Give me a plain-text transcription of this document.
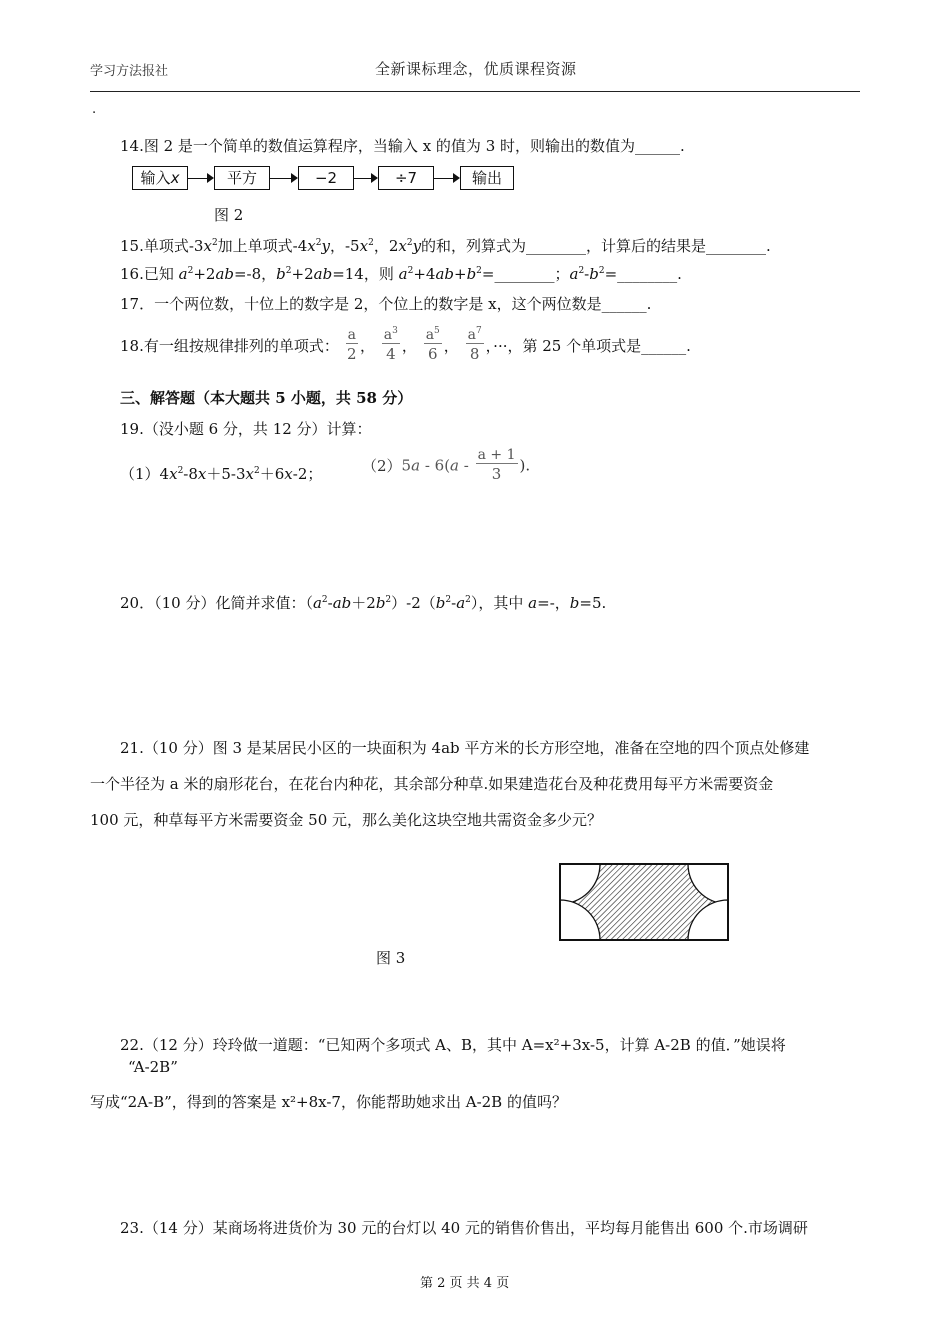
学习方法报社	全新课标理念，优质课程资源
.
14.图 2 是一个简单的数值运算程序，当输入 x 的值为 3 时，则输出的数值为______.
输入x	平方	−2	÷7	输出
图 2
15.单项式$-3x^2$加上单项式$-4x^2y$，$-5x^2$，$2x^2y$的和，列算式为________，计算后的结果是________.
16.已知 $a^2+2ab=-8$，$b^2+2ab=14$，则 $a^2+4ab+b^2=\_\_\_\_\_\_\_\_$；$a^2-b^2=\_\_\_\_\_\_\_\_$.
17．一个两位数，十位上的数字是 2，个位上的数字是 x，这个两位数是______.
18.有一组按规律排列的单项式： $\frac{a}{2}$ ， $\frac{a^3}{4}$ ， $\frac{a^5}{6}$ ， $\frac{a^7}{8}$ ，···，第 25 个单项式是______.
三、解答题（本大题共 5 小题，共 58 分）
19.（没小题 6 分，共 12 分）计算：
$(1)4x^2-8x+5-3x^2+6x-2$；	$(2)5a - 6(a - \frac{a + 1}{3}$ ).
20．（10 分）化简并求值：$(a^2-ab+2b^2)-2(b^2-a^2)$，其中 a=-，b=5.
21.（10 分）图 3 是某居民小区的一块面积为 4ab 平方米的长方形空地，准备在空地的四个顶点处修建
一个半径为 a 米的扇形花台，在花台内种花，其余部分种草.如果建造花台及种花费用每平方米需要资金
100 元，种草每平方米需要资金 50 元，那么美化这块空地共需资金多少元？
图 3
22.（12 分）玲玲做一道题：“已知两个多项式 A、B，其中 A=x²+3x-5，计算 A-2B 的值．”她误将
“A-2B”
写成“2A-B”，得到的答案是 x²+8x-7，你能帮助她求出 A-2B 的值吗？
23.（14 分）某商场将进货价为 30 元的台灯以 40 元的销售价售出，平均每月能售出 600 个.市场调研
第 2 页 共 4 页
